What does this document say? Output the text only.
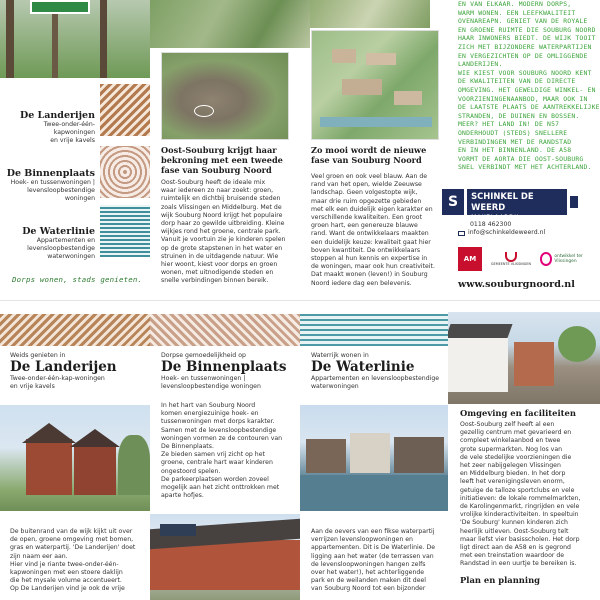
De Landerijen
Twee-onder-één-
kapwoningen
en vrije kavels
De Binnenplaats
Hoek- en tussenwoningen |
levensloopbestendige
woningen
De Waterlinie
Appartementen en
levensloopbestendige
waterwoningen
Dorps wonen, stads genieten.
Oost-Souburg krijgt haar
bekroning met een tweede
fase van Souburg Noord
Oost-Souburg heeft de ideale mix
waar iedereen zo naar zoekt: groen,
ruimtelijk en dichtbij bruisende steden
zoals Vlissingen en Middelburg. Met de
wijk Souburg Noord krijgt het populaire
dorp haar zo gewilde uitbreiding. Kleine
wijkjes rond het groene, centrale park.
Vanuit je voortuin zie je kinderen spelen
op de grote stapstenen in het water en
struinen in de uitdagende natuur. Wie
hier woont, kiest voor dorps en groen
wonen, met uitnodigende steden en
snelle verbindingen binnen bereik.
Zo mooi wordt de nieuwe
fase van Souburg Noord
Veel groen en ook veel blauw. Aan de
rand van het open, wielde Zeeuwse
landschap. Geen volgestopte wijk,
maar drie ruim opgezette gebieden
met elk een duidelijk eigen karakter en
verschillende kwaliteiten. Een groot
groen hart, een genereuze blauwe
rand. Want de ontwikkelaars maakten
een duidelijk keuze: kwaliteit gaat hier
boven kwantiteit. De ontwikkelaars
stoppen al hun kennis en expertise in
de woningen, maar ook hun creativiteit.
Dat maakt wonen (leven!) in Souburg
Noord iedere dag een belevenis.
EN VAN ELKAAR. MODERN DORPS,
WARM WONEN. EEN LEEFKWALITEIT
OVENAREAPN. GENIET VAN DE ROYALE
EN GROENE RUIMTE DIE SOUBURG NOORD
HAAR INWONERS BIEDT. DE WIJK TOOIT
ZICH MET BIJZONDERE WATERPARTIJEN
EN VERGEZICHTEN OP DE OMLIGGENDE
LANDERIJEN.
WIE KIEST VOOR SOUBURG NOORD KENT
DE KWALITEITEN VAN DE DIRECTE
OMGEVING. HET GEWELDIGE WINKEL- EN
VOORZIENINGENAANBOD, MAAR OOK IN
DE LAATSTE PLAATS DE AANTREKKELIJKE
STRANDEN, DE DUINEN EN BOSSEN.
MEER? HET LAND IN! DE N57
ONDERHOUDT (STEDS) SNELLERE
VERBINDINGEN MET DE RANDSTAD
EN IN HET BINNENLAND. DE A58
VORMT DE AORTA DIE OOST-SOUBURG
SNEL VERBINDT MET HET ACHTERLAND.
S	SCHINKEL DE WEERD
MAKELAARDIJ
0118 462300
info@schinkeldeweerd.nl
AM
GEMEENTE VLISSINGEN
ontwikkel ter Vlissingen
www.souburgnoord.nl
Weids genieten in
De Landerijen
Twee-onder-één-kap-woningen
en vrije kavels
De buitenrand van de wijk kijkt uit over
de open, groene omgeving met bomen,
gras en waterpartij. 'De Landerijen' doet
zijn naam eer aan.
Hier vind je riante twee-onder-één-
kapwoningen met een stoere daklijn
die het mysale volume accentueert.
Op De Landerijen vind je ook de vrije
Dorpse gemoedelijkheid op
De Binnenplaats
Hoek- en tussenwoningen |
levensloopbestendige woningen
In het hart van Souburg Noord
komen energiezuinige hoek- en
tussenwoningen met dorps karakter.
Samen met de levensloopbestendige
woningen vormen ze de contouren van
De Binnenplaats.
Ze bieden samen vrij zicht op het
groene, centrale hart waar kinderen
ongestoord spelen.
De parkeerplaatsen worden zoveel
mogelijk aan het zicht onttrokken met
aparte hofjes.
Waterrijk wonen in
De Waterlinie
Appartementen en levensloopbestendige
waterwoningen
Aan de oevers van een fikse waterpartij
verrijzen levensloopwoningen en
appartementen. Dit is De Waterlinie. De
ligging aan het water (de terrassen van
de levensloopwoningen hangen zelfs
over het water!), het achterliggende
park en de weilanden maken dit deel
van Souburg Noord tot een bijzonder
Omgeving en faciliteiten
Oost-Souburg zelf heeft al een
gezellig centrum met gevarieerd en
compleet winkelaanbod en twee
grote supermarkten. Nog los van
de vele stedelijke voorzieningen die
het zeer nabijgelegen Vlissingen
en Middelburg bieden. In het dorp
leeft het verenigingsleven enorm,
getuige de talloze sportclubs en vele
initiatieven: de lokale rommelmarkten,
de Karolingenmarkt, ringrijden en vele
vrolijke kinderactiviteiten. In speeltuin
'De Souburg' kunnen kinderen zich
heerlijk uitleven. Oost-Souburg telt
maar liefst vier basisscholen. Het dorp
ligt direct aan de A58 en is gegrond
met een treinstation waardoor de
Randstad in een uurtje te bereiken is.
Plan en planning
